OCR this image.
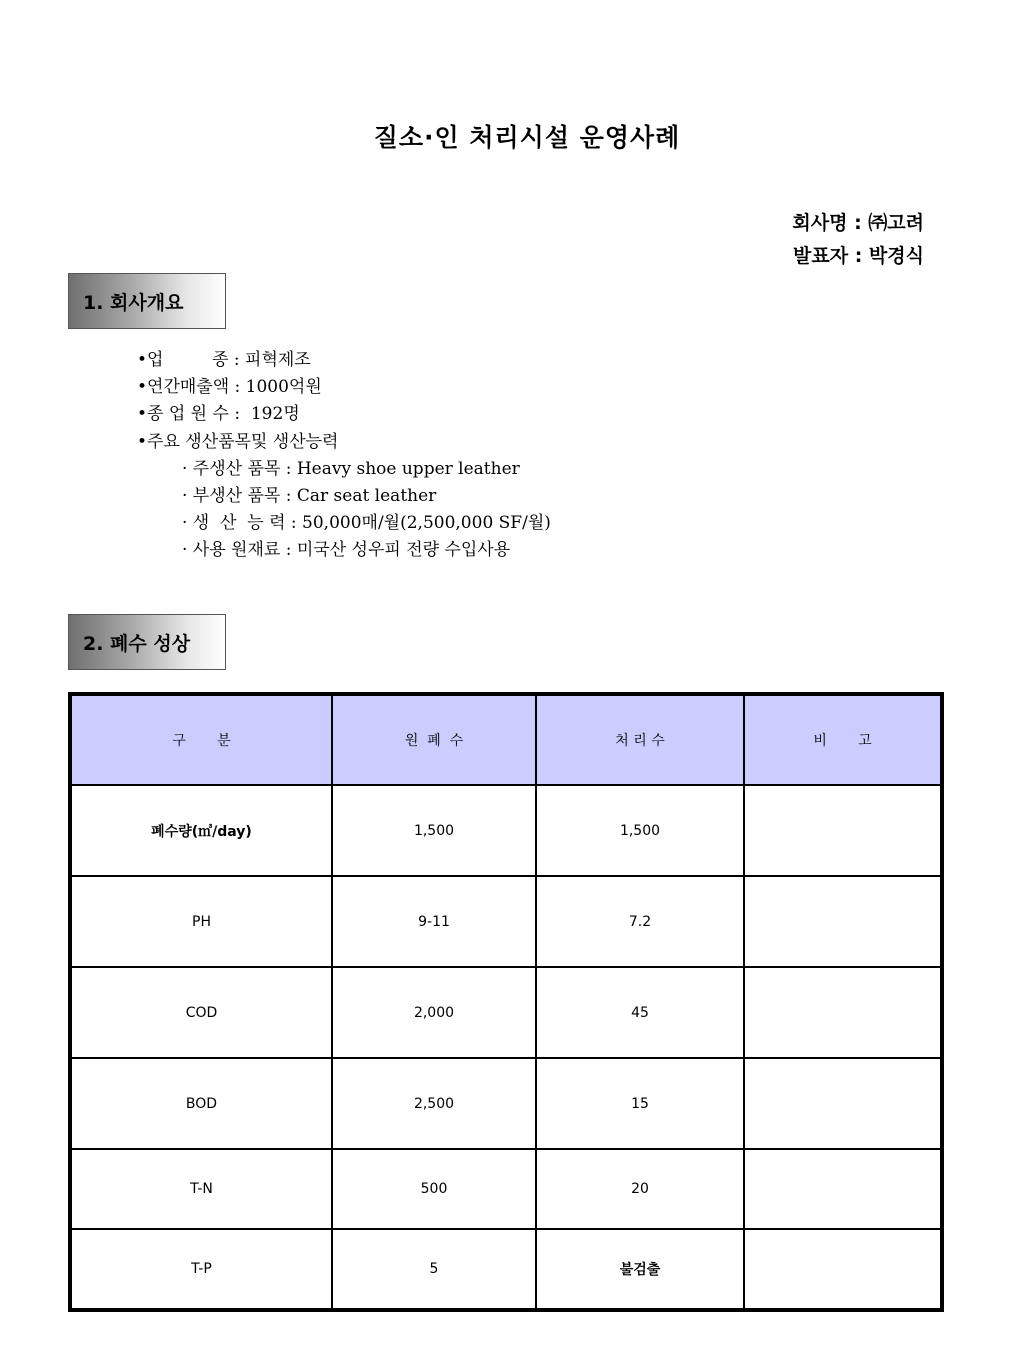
질소·인 처리시설 운영사례
회사명 : ㈜고려
발표자 : 박경식
1. 회사개요
•업         종 : 피혁제조
•연간매출액 : 1000억원
•종 업 원 수 :  192명
•주요 생산품목및 생산능력
· 주생산 품목 : Heavy shoe upper leather
· 부생산 품목 : Car seat leather
· 생  산  능 력 : 50,000매/월(2,500,000 SF/월)
· 사용 원재료 : 미국산 성우피 전량 수입사용
2. 폐수 성상
구       분	원  폐  수	처 리 수	비       고
폐수량(㎥/day)	1,500	1,500	
PH	9-11	7.2	
COD	2,000	45	
BOD	2,500	15	
T-N	500	20	
T-P	5	불검출	
